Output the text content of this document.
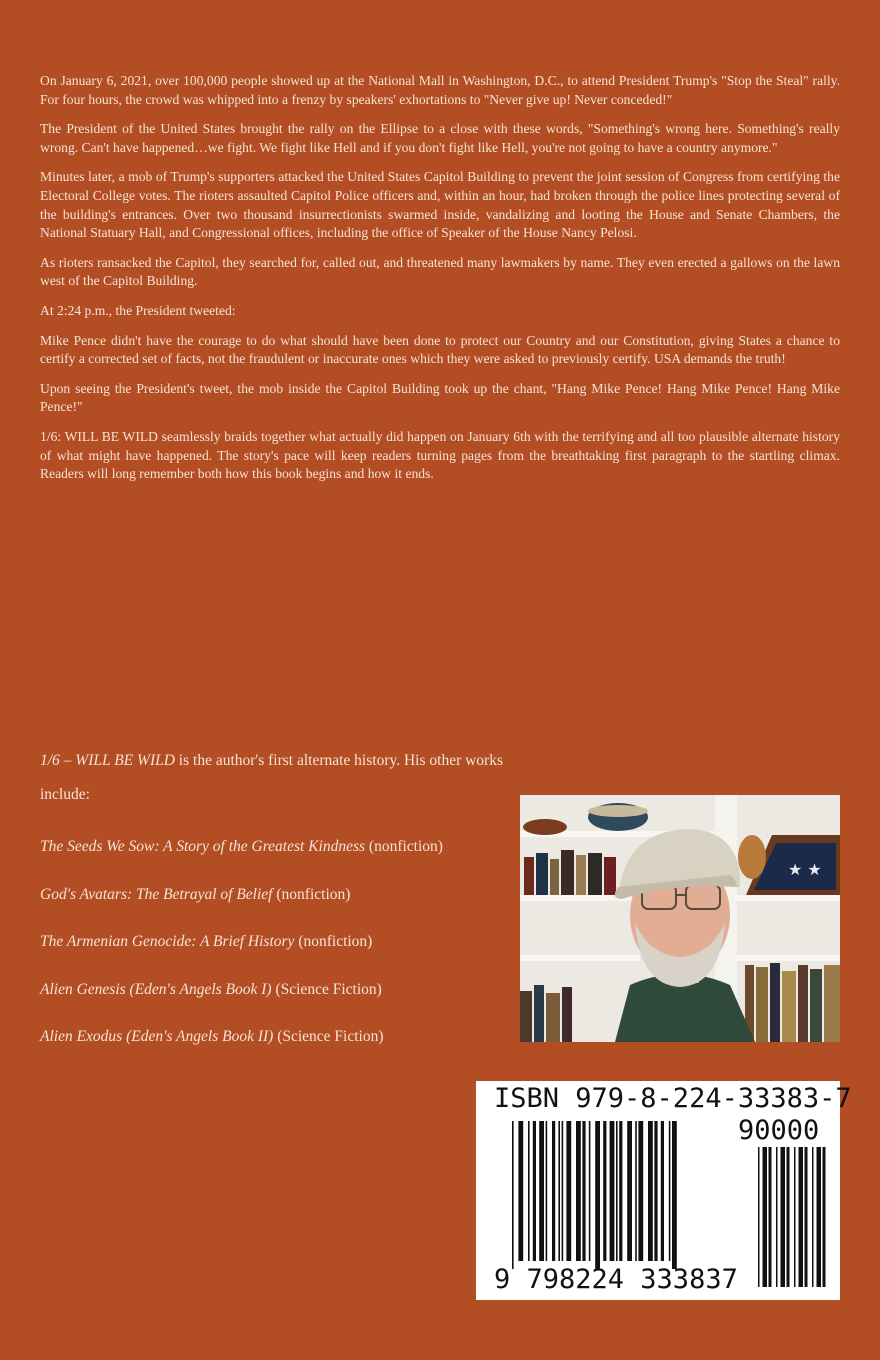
On January 6, 2021, over 100,000 people showed up at the National Mall in Washington, D.C., to attend President Trump's "Stop the Steal" rally. For four hours, the crowd was whipped into a frenzy by speakers' exhortations to "Never give up! Never conceded!"

The President of the United States brought the rally on the Ellipse to a close with these words, "Something's wrong here. Something's really wrong. Can't have happened…we fight. We fight like Hell and if you don't fight like Hell, you're not going to have a country anymore."

Minutes later, a mob of Trump's supporters attacked the United States Capitol Building to prevent the joint session of Congress from certifying the Electoral College votes. The rioters assaulted Capitol Police officers and, within an hour, had broken through the police lines protecting several of the building's entrances. Over two thousand insurrectionists swarmed inside, vandalizing and looting the House and Senate Chambers, the National Statuary Hall, and Congressional offices, including the office of Speaker of the House Nancy Pelosi.

As rioters ransacked the Capitol, they searched for, called out, and threatened many lawmakers by name. They even erected a gallows on the lawn west of the Capitol Building.

At 2:24 p.m., the President tweeted:

Mike Pence didn't have the courage to do what should have been done to protect our Country and our Constitution, giving States a chance to certify a corrected set of facts, not the fraudulent or inaccurate ones which they were asked to previously certify. USA demands the truth!

Upon seeing the President's tweet, the mob inside the Capitol Building took up the chant, "Hang Mike Pence! Hang Mike Pence! Hang Mike Pence!"

1/6: WILL BE WILD seamlessly braids together what actually did happen on January 6th with the terrifying and all too plausible alternate history of what might have happened. The story's pace will keep readers turning pages from the breathtaking first paragraph to the startling climax. Readers will long remember both how this book begins and how it ends.

1/6 – WILL BE WILD is the author's first alternate history. His other works include:

The Seeds We Sow: A Story of the Greatest Kindness (nonfiction)

God's Avatars: The Betrayal of Belief (nonfiction)

The Armenian Genocide: A Brief History (nonfiction)

Alien Genesis (Eden's Angels Book I) (Science Fiction)

Alien Exodus (Eden's Angels Book II) (Science Fiction)

★ ★
ISBN 979-8-224-33383-7
90000
9 798224 333837
